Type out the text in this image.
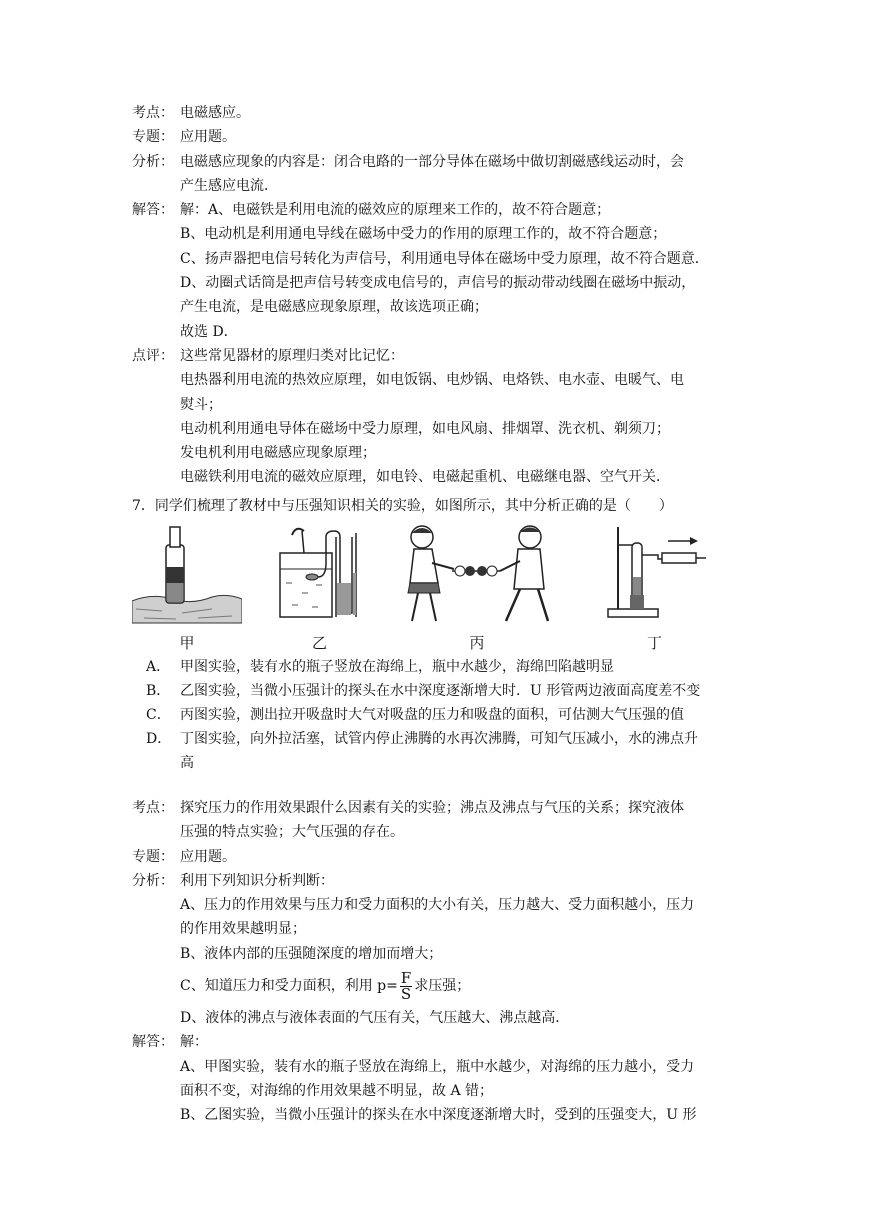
考点： 电磁感应。
专题： 应用题。
分析： 电磁感应现象的内容是：闭合电路的一部分导体在磁场中做切割磁感线运动时，会

产生感应电流．

解答： 解：A、电磁铁是利用电流的磁效应的原理来工作的，故不符合题意；

B、电动机是利用通电导线在磁场中受力的作用的原理工作的，故不符合题意；

C、扬声器把电信号转化为声信号，利用通电导体在磁场中受力原理，故不符合题意．

D、动圈式话筒是把声信号转变成电信号的，声信号的振动带动线圈在磁场中振动，

产生电流，是电磁感应现象原理，故该选项正确；

故选 D．

点评： 这些常见器材的原理归类对比记忆：

电热器利用电流的热效应原理，如电饭锅、电炒锅、电烙铁、电水壶、电暖气、电

熨斗；

电动机利用通电导体在磁场中受力原理，如电风扇、排烟罩、洗衣机、剃须刀；

发电机利用电磁感应现象原理；

电磁铁利用电流的磁效应原理，如电铃、电磁起重机、电磁继电器、空气开关．

7．同学们梳理了教材中与压强知识相关的实验，如图所示，其中分析正确的是（　　）
甲	乙	丙	丁
A． 甲图实验，装有水的瓶子竖放在海绵上，瓶中水越少，海绵凹陷越明显

B． 乙图实验，当微小压强计的探头在水中深度逐渐增大时．U 形管两边液面高度差不变

C． 丙图实验，测出拉开吸盘时大气对吸盘的压力和吸盘的面积，可估测大气压强的值

D． 丁图实验，向外拉活塞，试管内停止沸腾的水再次沸腾，可知气压减小，水的沸点升

高

考点： 探究压力的作用效果跟什么因素有关的实验；沸点及沸点与气压的关系；探究液体

压强的特点实验；大气压强的存在。

专题： 应用题。
分析： 利用下列知识分析判断：

A、压力的作用效果与压力和受力面积的大小有关，压力越大、受力面积越小，压力

的作用效果越明显；

B、液体内部的压强随深度的增加而增大；

C、知道压力和受力面积，利用 $p= \frac{F}{S}$ 求压强；

D、液体的沸点与液体表面的气压有关，气压越大、沸点越高．

解答： 解：

A、甲图实验，装有水的瓶子竖放在海绵上，瓶中水越少，对海绵的压力越小，受力

面积不变，对海绵的作用效果越不明显，故 A 错；

B、乙图实验，当微小压强计的探头在水中深度逐渐增大时，受到的压强变大，U 形
